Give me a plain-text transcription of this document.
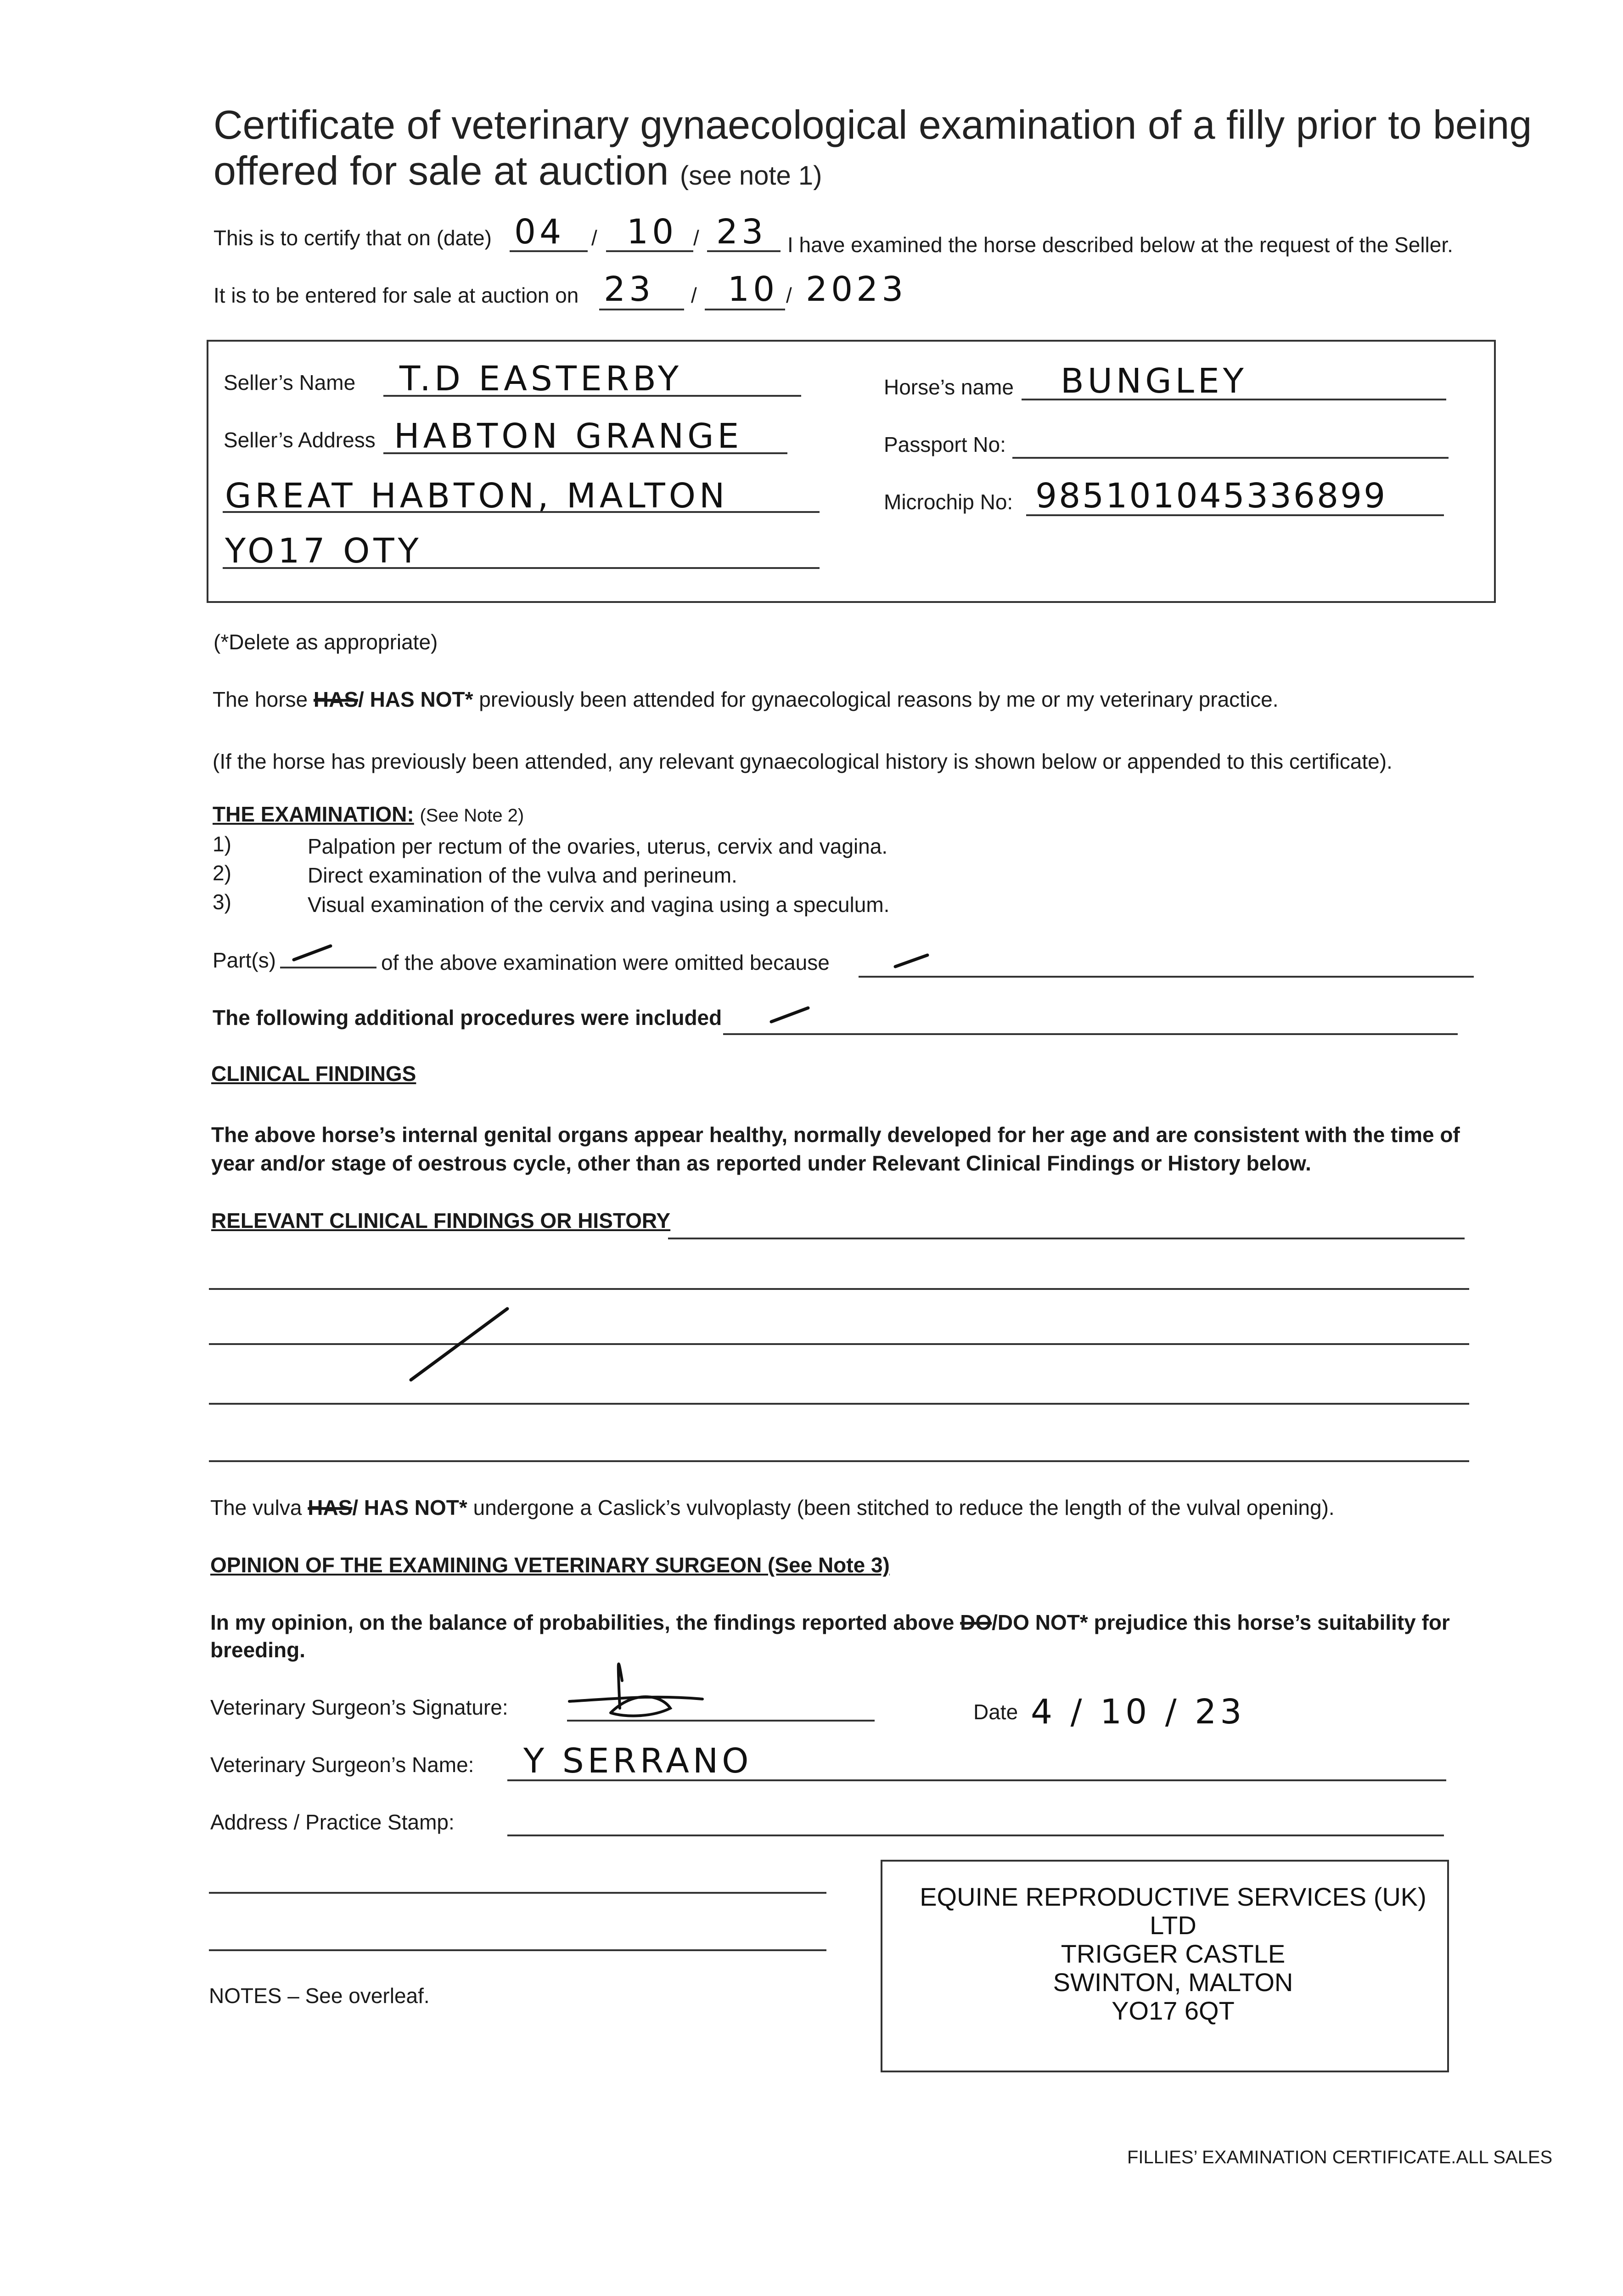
Certificate of veterinary gynaecological examination of a filly prior to being offered for sale at auction (see note 1)
This is to certify that on (date) 04 / 10 / 23 I have examined the horse described below at the request of the Seller.
It is to be entered for sale at auction on 23 / 10 / 2023
Seller’s Name T.D EASTERBY
Seller’s Address HABTON GRANGE
GREAT HABTON, MALTON
YO17 OTY
Horse’s name BUNGLEY
Passport No:
Microchip No: 985101045336899
(*Delete as appropriate)
The horse HAS/ HAS NOT* previously been attended for gynaecological reasons by me or my veterinary practice.
(If the horse has previously been attended, any relevant gynaecological history is shown below or appended to this certificate).
THE EXAMINATION: (See Note 2)
1)	Palpation per rectum of the ovaries, uterus, cervix and vagina.
2)	Direct examination of the vulva and perineum.
3)	Visual examination of the cervix and vagina using a speculum.
Part(s)	of the above examination were omitted because
The following additional procedures were included
CLINICAL FINDINGS
The above horse’s internal genital organs appear healthy, normally developed for her age and are consistent with the time of year and/or stage of oestrous cycle, other than as reported under Relevant Clinical Findings or History below.
RELEVANT CLINICAL FINDINGS OR HISTORY
The vulva HAS/ HAS NOT* undergone a Caslick’s vulvoplasty (been stitched to reduce the length of the vulval opening).
OPINION OF THE EXAMINING VETERINARY SURGEON (See Note 3)
In my opinion, on the balance of probabilities, the findings reported above DO/DO NOT* prejudice this horse’s suitability for
breeding.
Veterinary Surgeon’s Signature:	Date 4 / 10 / 23
Veterinary Surgeon’s Name: Y SERRANO
Address / Practice Stamp:
EQUINE REPRODUCTIVE SERVICES (UK) LTD
TRIGGER CASTLE
SWINTON, MALTON
YO17 6QT
NOTES – See overleaf.
FILLIES’ EXAMINATION CERTIFICATE.ALL SALES
